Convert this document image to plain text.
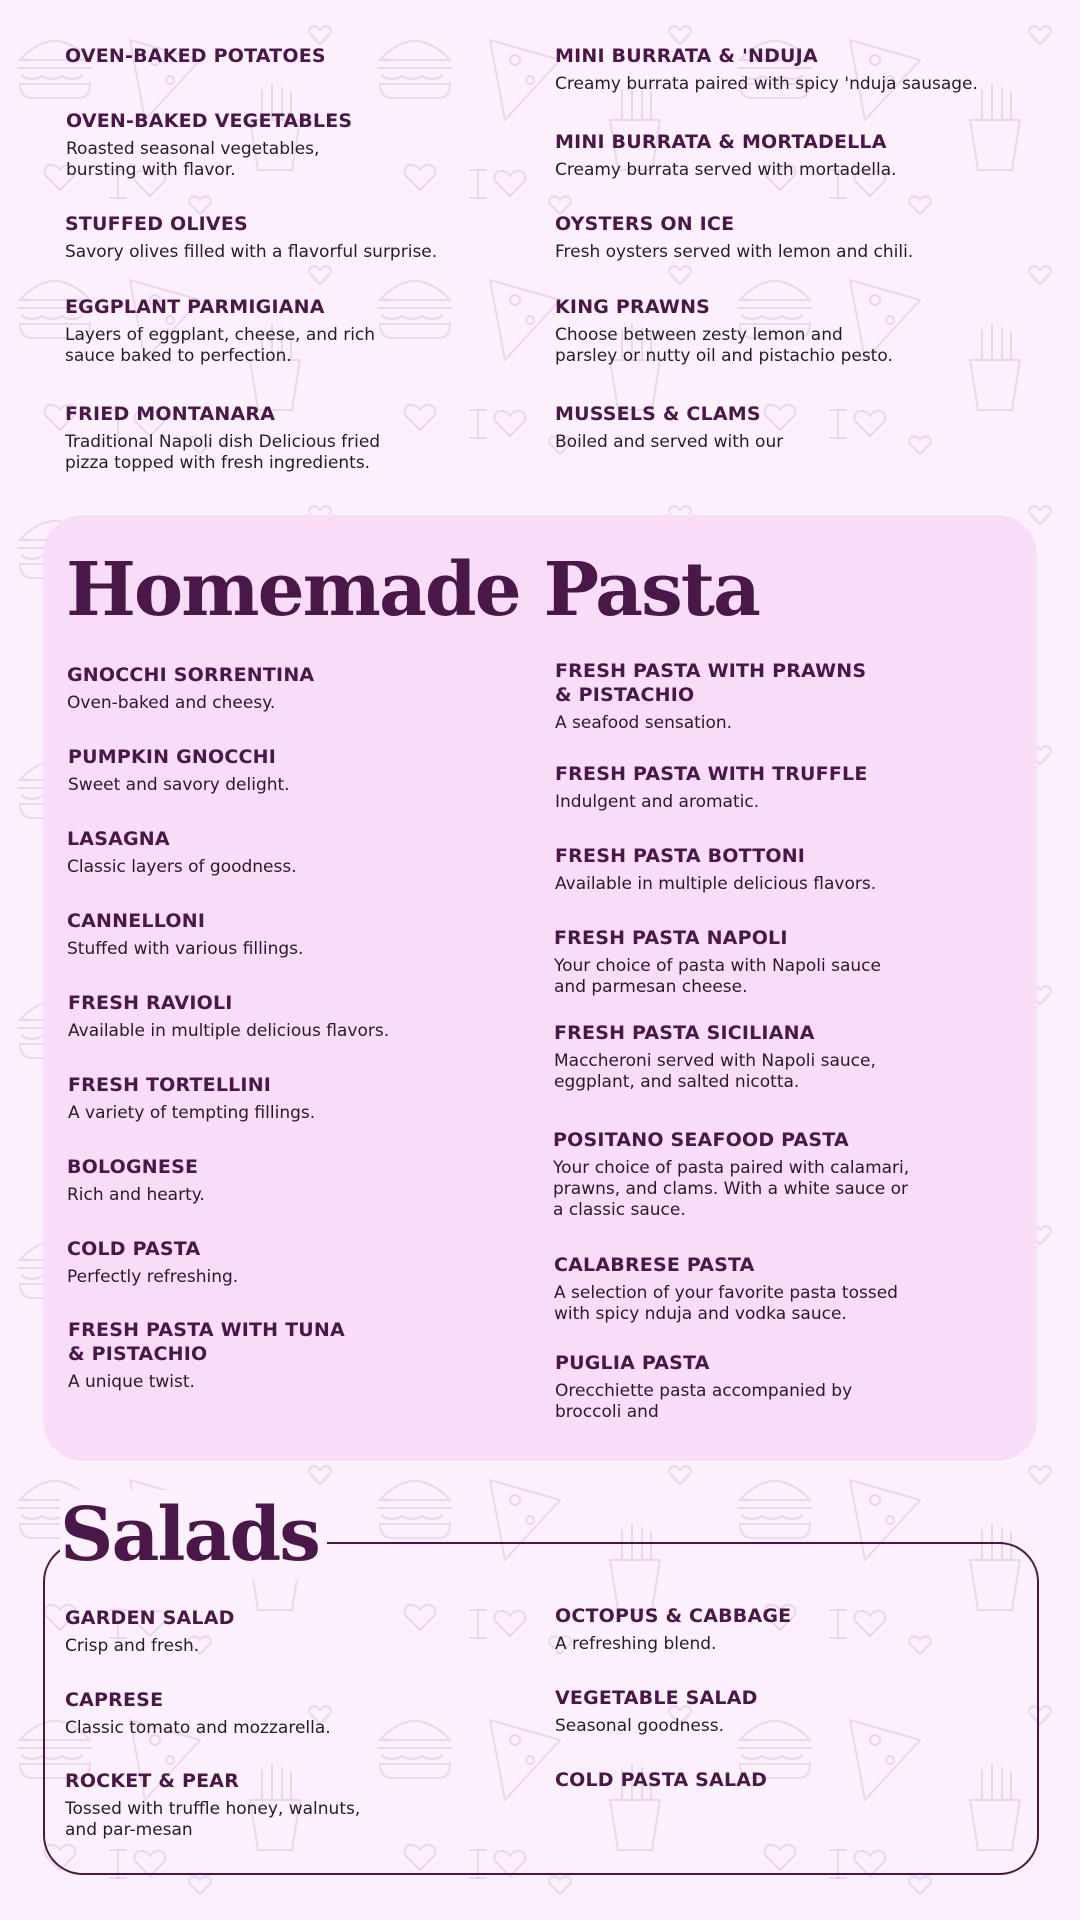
OVEN-BAKED POTATOES	MINI BURRATA & 'NDUJA
Creamy burrata paired with spicy 'nduja sausage.
OVEN-BAKED VEGETABLES
Roasted seasonal vegetables,
bursting with flavor.
MINI BURRATA & MORTADELLA
Creamy burrata served with mortadella.
STUFFED OLIVES
Savory olives filled with a flavorful surprise.
OYSTERS ON ICE
Fresh oysters served with lemon and chili.
EGGPLANT PARMIGIANA
Layers of eggplant, cheese, and rich
sauce baked to perfection.
KING PRAWNS
Choose between zesty lemon and
parsley or nutty oil and pistachio pesto.
FRIED MONTANARA
Traditional Napoli dish Delicious fried
pizza topped with fresh ingredients.
MUSSELS & CLAMS
Boiled and served with our
Homemade Pasta
GNOCCHI SORRENTINA
Oven-baked and cheesy.
PUMPKIN GNOCCHI
Sweet and savory delight.
LASAGNA
Classic layers of goodness.
CANNELLONI
Stuffed with various fillings.
FRESH RAVIOLI
Available in multiple delicious flavors.
FRESH TORTELLINI
A variety of tempting fillings.
BOLOGNESE
Rich and hearty.
COLD PASTA
Perfectly refreshing.
FRESH PASTA WITH TUNA
& PISTACHIO
A unique twist.
FRESH PASTA WITH PRAWNS
& PISTACHIO
A seafood sensation.
FRESH PASTA WITH TRUFFLE
Indulgent and aromatic.
FRESH PASTA BOTTONI
Available in multiple delicious flavors.
FRESH PASTA NAPOLI
Your choice of pasta with Napoli sauce
and parmesan cheese.
FRESH PASTA SICILIANA
Maccheroni served with Napoli sauce,
eggplant, and salted nicotta.
POSITANO SEAFOOD PASTA
Your choice of pasta paired with calamari,
prawns, and clams. With a white sauce or
a classic sauce.
CALABRESE PASTA
A selection of your favorite pasta tossed
with spicy nduja and vodka sauce.
PUGLIA PASTA
Orecchiette pasta accompanied by
broccoli and
Salads
GARDEN SALAD
Crisp and fresh.
OCTOPUS & CABBAGE
A refreshing blend.
CAPRESE
Classic tomato and mozzarella.
VEGETABLE SALAD
Seasonal goodness.
ROCKET & PEAR
Tossed with truffle honey, walnuts,
and par-mesan
COLD PASTA SALAD
